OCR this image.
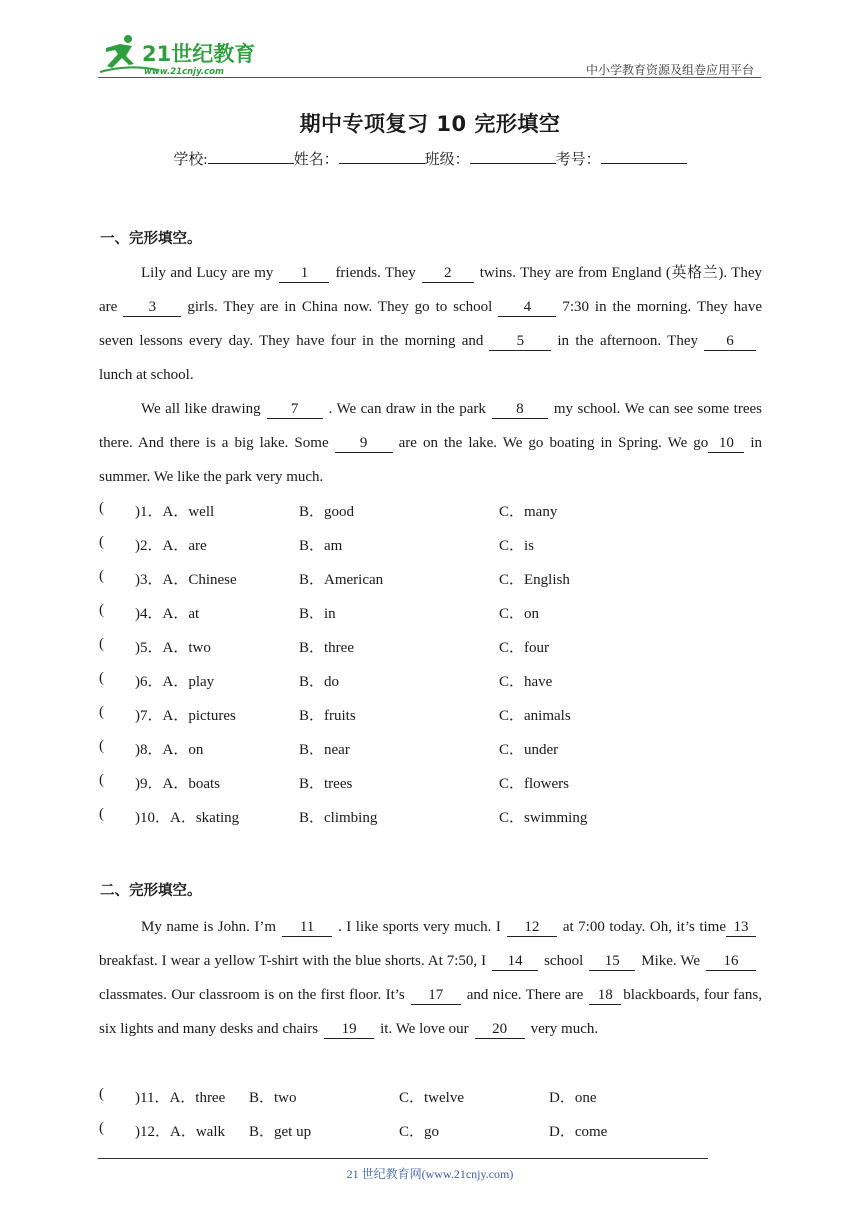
21世纪教育
www.21cnjy.com	中小学教育资源及组卷应用平台
期中专项复习 10 完形填空
学校:	姓名：	班级：	考号：
一、完形填空。
Lily and Lucy are my 1 friends. They 2 twins. They are from England (英格兰). They are 3 girls. They are in China now. They go to school 4 7:30 in the morning. They have seven lessons every day. They have four in the morning and 5 in the afternoon. They 6lunch at school.
We all like drawing 7 . We can draw in the park 8 my school. We can see some trees there. And there is a big lake. Some 9 are on the lake. We go boating in Spring. We go 10 in summer. We like the park very much.
( )1．A．well	B．good	C．many
( )2．A．are	B．am	C．is
( )3．A．Chinese	B．American	C．English
( )4．A．at	B．in	C．on
( )5．A．two	B．three	C．four
( )6．A．play	B．do	C．have
( )7．A．pictures	B．fruits	C．animals
( )8．A．on	B．near	C．under
( )9．A．boats	B．trees	C．flowers
( )10．A．skating	B．climbing	C．swimming
二、完形填空。
My name is John. I’m 11 . I like sports very much. I 12 at 7:00 today. Oh, it’s time 13breakfast. I wear a yellow T-shirt with the blue shorts. At 7:50, I 14 school 15 Mike. We 16classmates. Our classroom is on the first floor. It’s 17 and nice. There are 18 blackboards, four fans, six lights and many desks and chairs 19 it. We love our 20 very much.
( )11．A．three B．two	C．twelve	D．one
( )12．A．walk B．get up	C．go	D．come
21 世纪教育网(www.21cnjy.com)
